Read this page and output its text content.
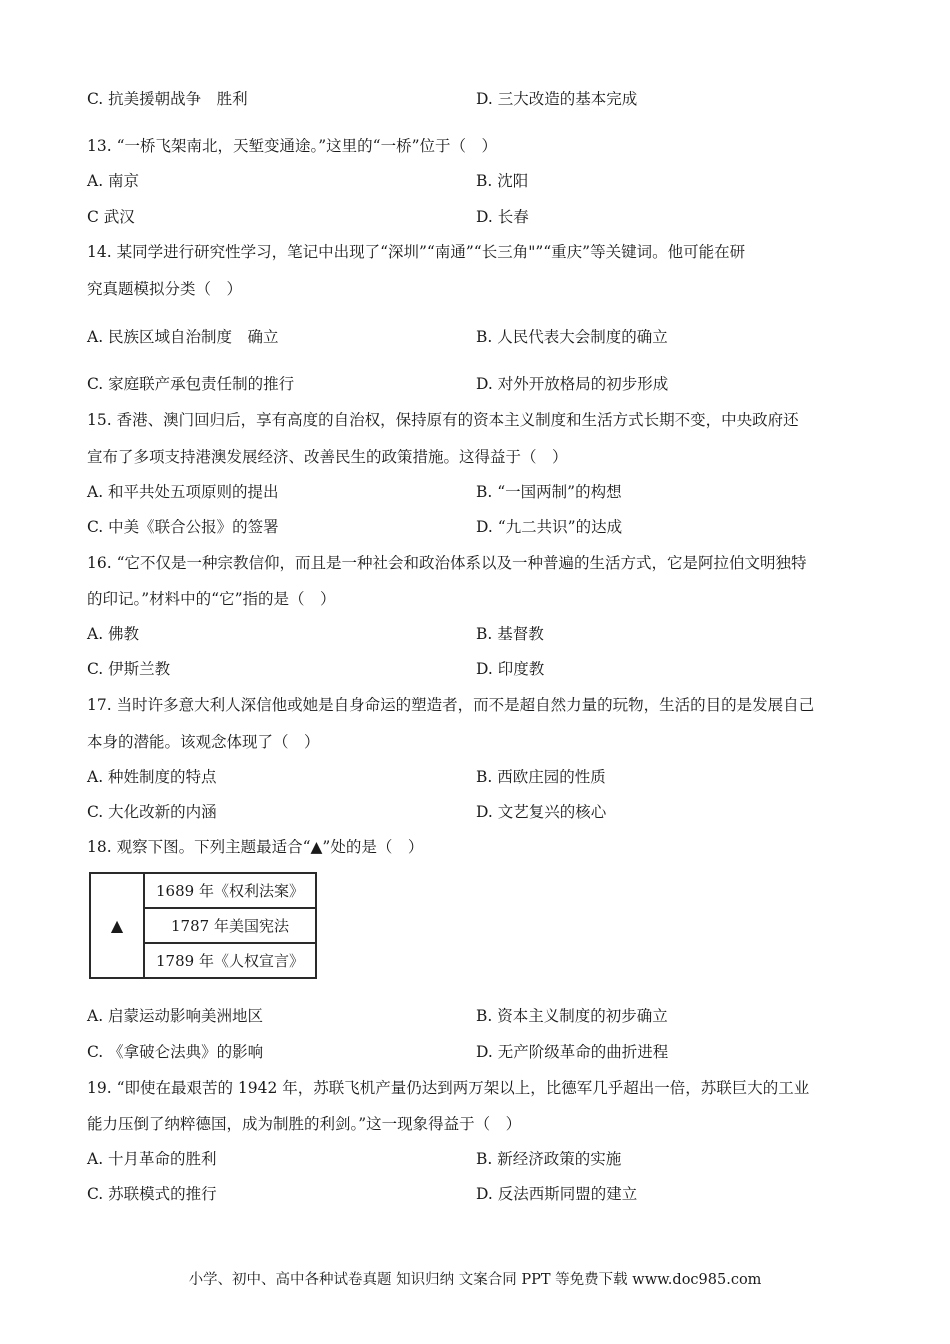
C. 抗美援朝战争　胜利	D. 三大改造的基本完成
13. “一桥飞架南北，天堑变通途。”这里的“一桥”位于（　）
A. 南京	B. 沈阳
C 武汉	D. 长春
14. 某同学进行研究性学习，笔记中出现了“深圳”“南通”“长三角"”“重庆”等关键词。他可能在研
究真题模拟分类（　）
A. 民族区域自治制度　确立	B. 人民代表大会制度的确立
C. 家庭联产承包责任制的推行	D. 对外开放格局的初步形成
15. 香港、澳门回归后，享有高度的自治权，保持原有的资本主义制度和生活方式长期不变，中央政府还
宣布了多项支持港澳发展经济、改善民生的政策措施。这得益于（　）
A. 和平共处五项原则的提出	B. “一国两制”的构想
C. 中美《联合公报》的签署	D. “九二共识”的达成
16. “它不仅是一种宗教信仰，而且是一种社会和政治体系以及一种普遍的生活方式，它是阿拉伯文明独特
的印记。”材料中的“它”指的是（　）
A. 佛教	B. 基督教
C. 伊斯兰教	D. 印度教
17. 当时许多意大利人深信他或她是自身命运的塑造者，而不是超自然力量的玩物，生活的目的是发展自己
本身的潜能。该观念体现了（　）
A. 种姓制度的特点	B. 西欧庄园的性质
C. 大化改新的内涵	D. 文艺复兴的核心
18. 观察下图。下列主题最适合“▲”处的是（　）
▲
1689 年《权利法案》
1787 年美国宪法
1789 年《人权宣言》
A. 启蒙运动影响美洲地区	B. 资本主义制度的初步确立
C. 《拿破仑法典》的影响	D. 无产阶级革命的曲折进程
19. “即使在最艰苦的 1942 年，苏联飞机产量仍达到两万架以上，比德军几乎超出一倍，苏联巨大的工业
能力压倒了纳粹德国，成为制胜的利剑。”这一现象得益于（　）
A. 十月革命的胜利	B. 新经济政策的实施
C. 苏联模式的推行	D. 反法西斯同盟的建立
小学、初中、高中各种试卷真题 知识归纳 文案合同 PPT 等免费下载 www.doc985.com
